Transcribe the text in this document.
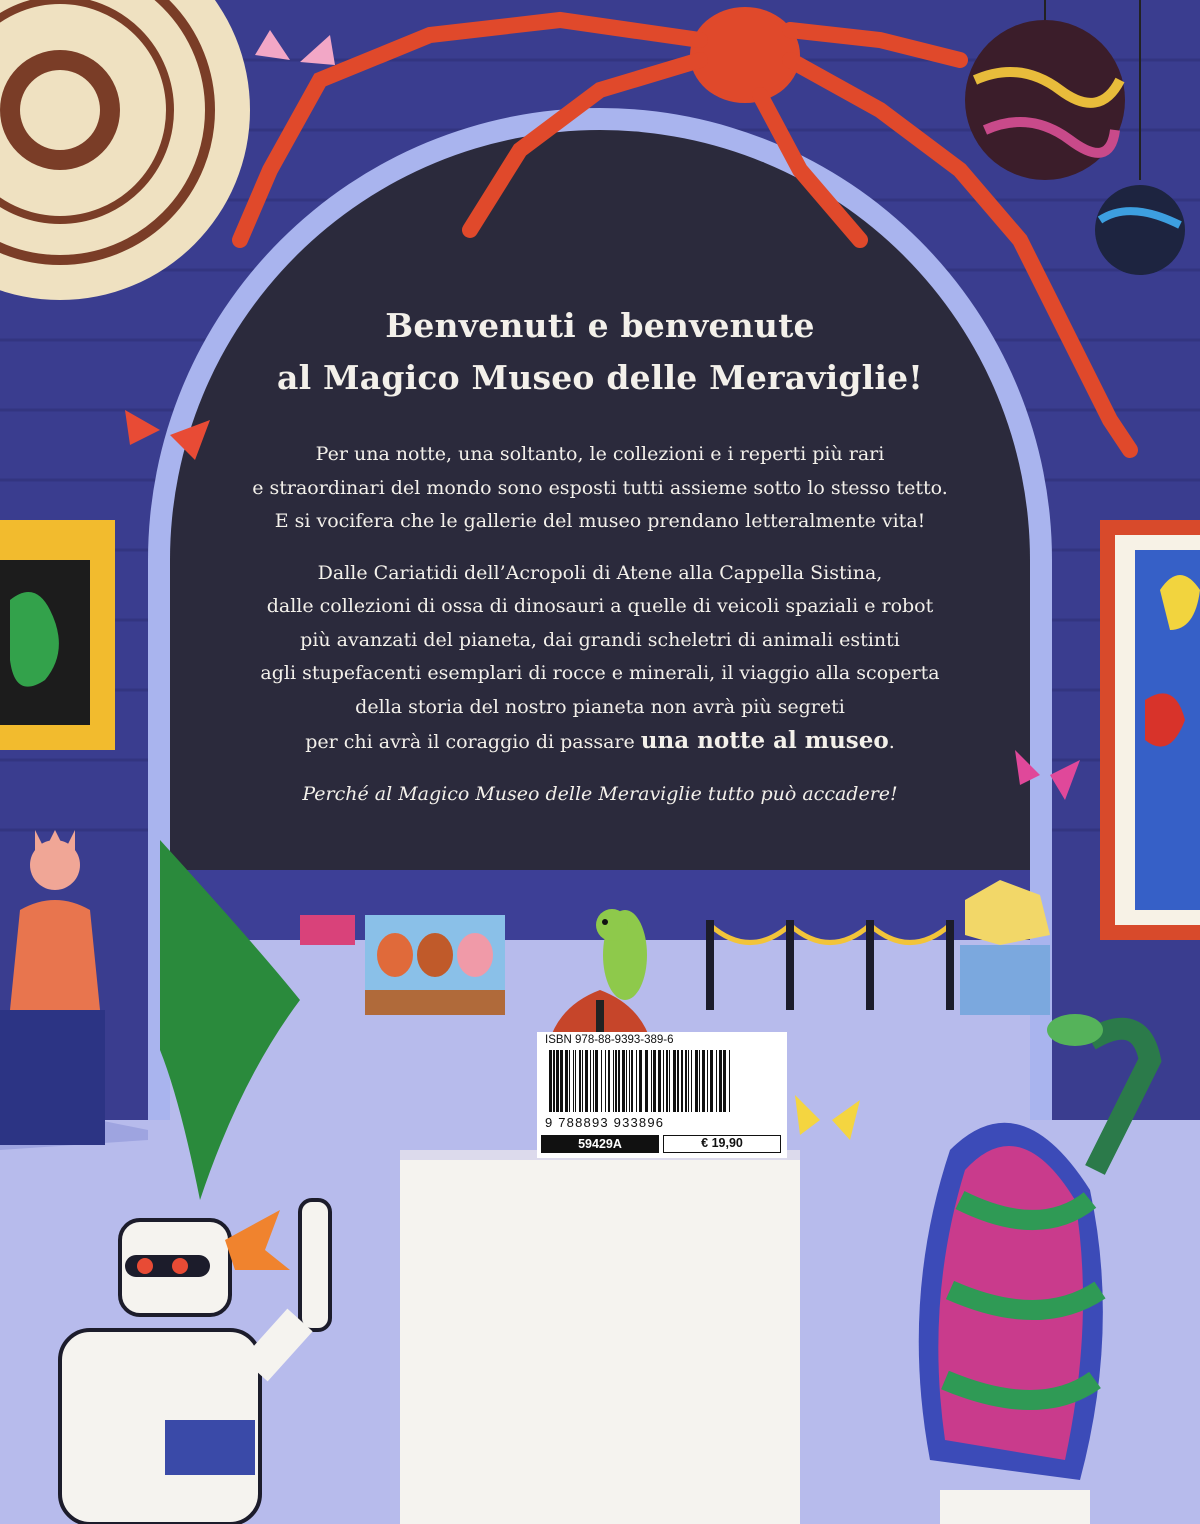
Benvenuti e benvenute
al Magico Museo delle Meraviglie!

Per una notte, una soltanto, le collezioni e i reperti più rari
e straordinari del mondo sono esposti tutti assieme sotto lo stesso tetto.
E si vocifera che le gallerie del museo prendano letteralmente vita!

Dalle Cariatidi dell’Acropoli di Atene alla Cappella Sistina,
dalle collezioni di ossa di dinosauri a quelle di veicoli spaziali e robot
più avanzati del pianeta, dai grandi scheletri di animali estinti
agli stupefacenti esemplari di rocce e minerali, il viaggio alla scoperta
della storia del nostro pianeta non avrà più segreti
per chi avrà il coraggio di passare una notte al museo.

Perché al Magico Museo delle Meraviglie tutto può accadere!

ISBN 978-88-9393-389-6
9 788893 933896
59429A	€ 19,90
